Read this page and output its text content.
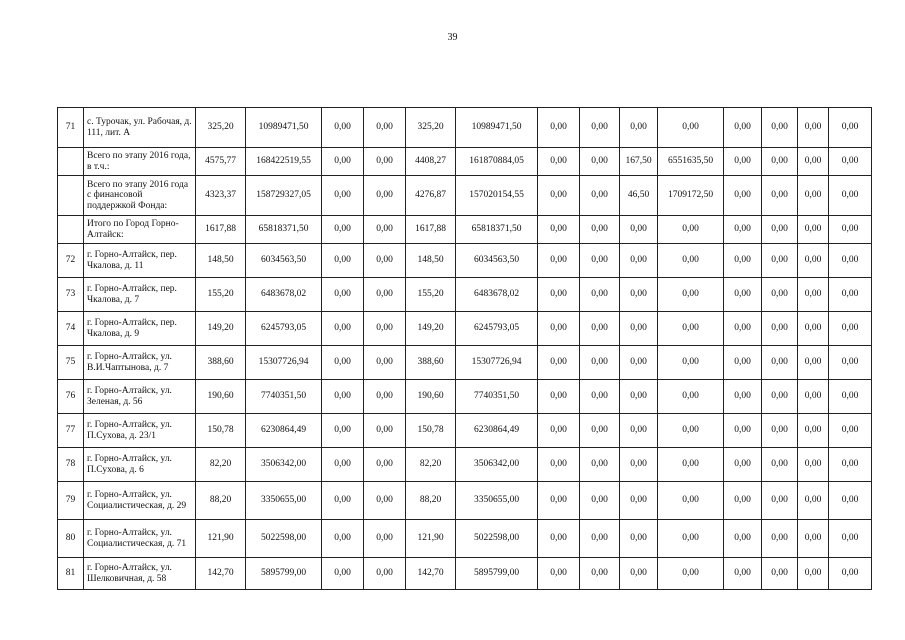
39
71	с. Турочак, ул. Рабочая, д. 111, лит. А	325,20	10989471,50	0,00	0,00	325,20	10989471,50	0,00	0,00	0,00	0,00	0,00	0,00	0,00	0,00
	Всего по этапу 2016 года, в т.ч.:	4575,77	168422519,55	0,00	0,00	4408,27	161870884,05	0,00	0,00	167,50	6551635,50	0,00	0,00	0,00	0,00
	Всего по этапу 2016 года с финансовой поддержкой Фонда:	4323,37	158729327,05	0,00	0,00	4276,87	157020154,55	0,00	0,00	46,50	1709172,50	0,00	0,00	0,00	0,00
	Итого по Город Горно-Алтайск:	1617,88	65818371,50	0,00	0,00	1617,88	65818371,50	0,00	0,00	0,00	0,00	0,00	0,00	0,00	0,00
72	г. Горно-Алтайск, пер. Чкалова, д. 11	148,50	6034563,50	0,00	0,00	148,50	6034563,50	0,00	0,00	0,00	0,00	0,00	0,00	0,00	0,00
73	г. Горно-Алтайск, пер. Чкалова, д. 7	155,20	6483678,02	0,00	0,00	155,20	6483678,02	0,00	0,00	0,00	0,00	0,00	0,00	0,00	0,00
74	г. Горно-Алтайск, пер. Чкалова, д. 9	149,20	6245793,05	0,00	0,00	149,20	6245793,05	0,00	0,00	0,00	0,00	0,00	0,00	0,00	0,00
75	г. Горно-Алтайск, ул. В.И.Чаптынова, д. 7	388,60	15307726,94	0,00	0,00	388,60	15307726,94	0,00	0,00	0,00	0,00	0,00	0,00	0,00	0,00
76	г. Горно-Алтайск, ул. Зеленая, д. 56	190,60	7740351,50	0,00	0,00	190,60	7740351,50	0,00	0,00	0,00	0,00	0,00	0,00	0,00	0,00
77	г. Горно-Алтайск, ул. П.Сухова, д. 23/1	150,78	6230864,49	0,00	0,00	150,78	6230864,49	0,00	0,00	0,00	0,00	0,00	0,00	0,00	0,00
78	г. Горно-Алтайск, ул. П.Сухова, д. 6	82,20	3506342,00	0,00	0,00	82,20	3506342,00	0,00	0,00	0,00	0,00	0,00	0,00	0,00	0,00
79	г. Горно-Алтайск, ул. Социалистическая, д. 29	88,20	3350655,00	0,00	0,00	88,20	3350655,00	0,00	0,00	0,00	0,00	0,00	0,00	0,00	0,00
80	г. Горно-Алтайск, ул. Социалистическая, д. 71	121,90	5022598,00	0,00	0,00	121,90	5022598,00	0,00	0,00	0,00	0,00	0,00	0,00	0,00	0,00
81	г. Горно-Алтайск, ул. Шелковичная, д. 58	142,70	5895799,00	0,00	0,00	142,70	5895799,00	0,00	0,00	0,00	0,00	0,00	0,00	0,00	0,00
